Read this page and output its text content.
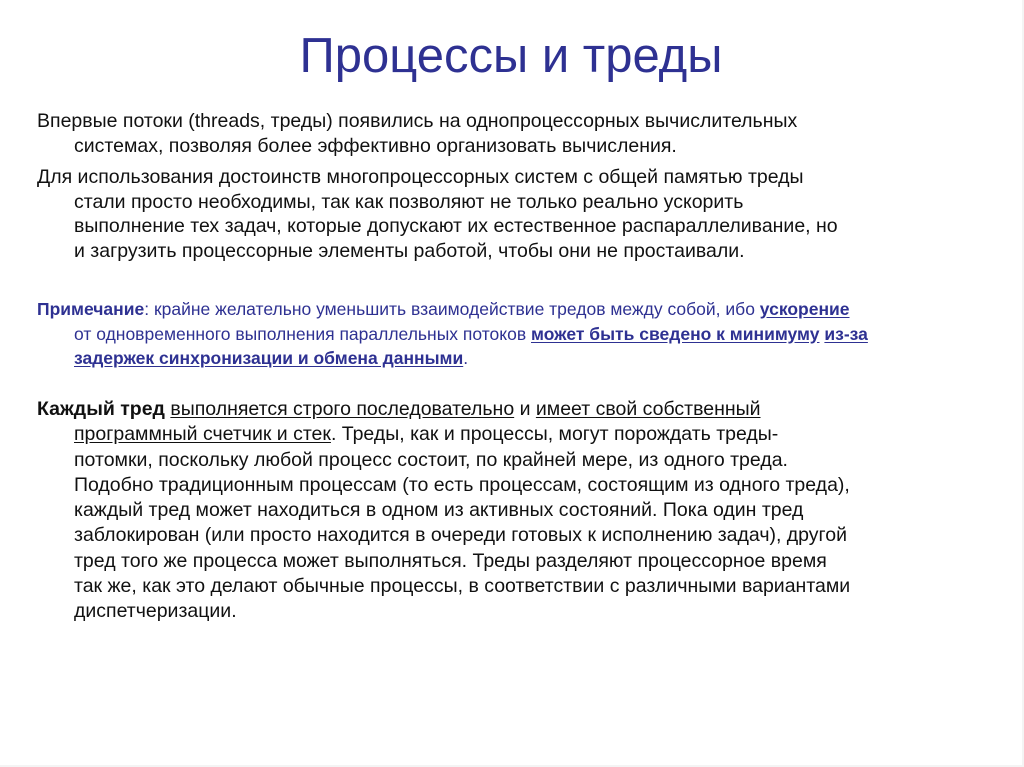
Процессы и треды
Впервые потоки (threads, треды) появились на однопроцессорных вычислительных
системах, позволяя более эффективно организовать вычисления.
Для использования достоинств многопроцессорных систем с общей памятью треды
стали просто необходимы, так как позволяют не только реально ускорить
выполнение тех задач, которые допускают их естественное распараллеливание, но
и загрузить процессорные элементы работой, чтобы они не простаивали.
Примечание: крайне желательно уменьшить взаимодействие тредов между собой, ибо ускорение
от одновременного выполнения параллельных потоков может быть сведено к минимуму из-за
задержек синхронизации и обмена данными.
Каждый тред выполняется строго последовательно и имеет свой собственный
программный счетчик и стек. Треды, как и процессы, могут порождать треды-
потомки, поскольку любой процесс состоит, по крайней мере, из одного треда.
Подобно традиционным процессам (то есть процессам, состоящим из одного треда),
каждый тред может находиться в одном из активных состояний. Пока один тред
заблокирован (или просто находится в очереди готовых к исполнению задач), другой
тред того же процесса может выполняться. Треды разделяют процессорное время
так же, как это делают обычные процессы, в соответствии с различными вариантами
диспетчеризации.
